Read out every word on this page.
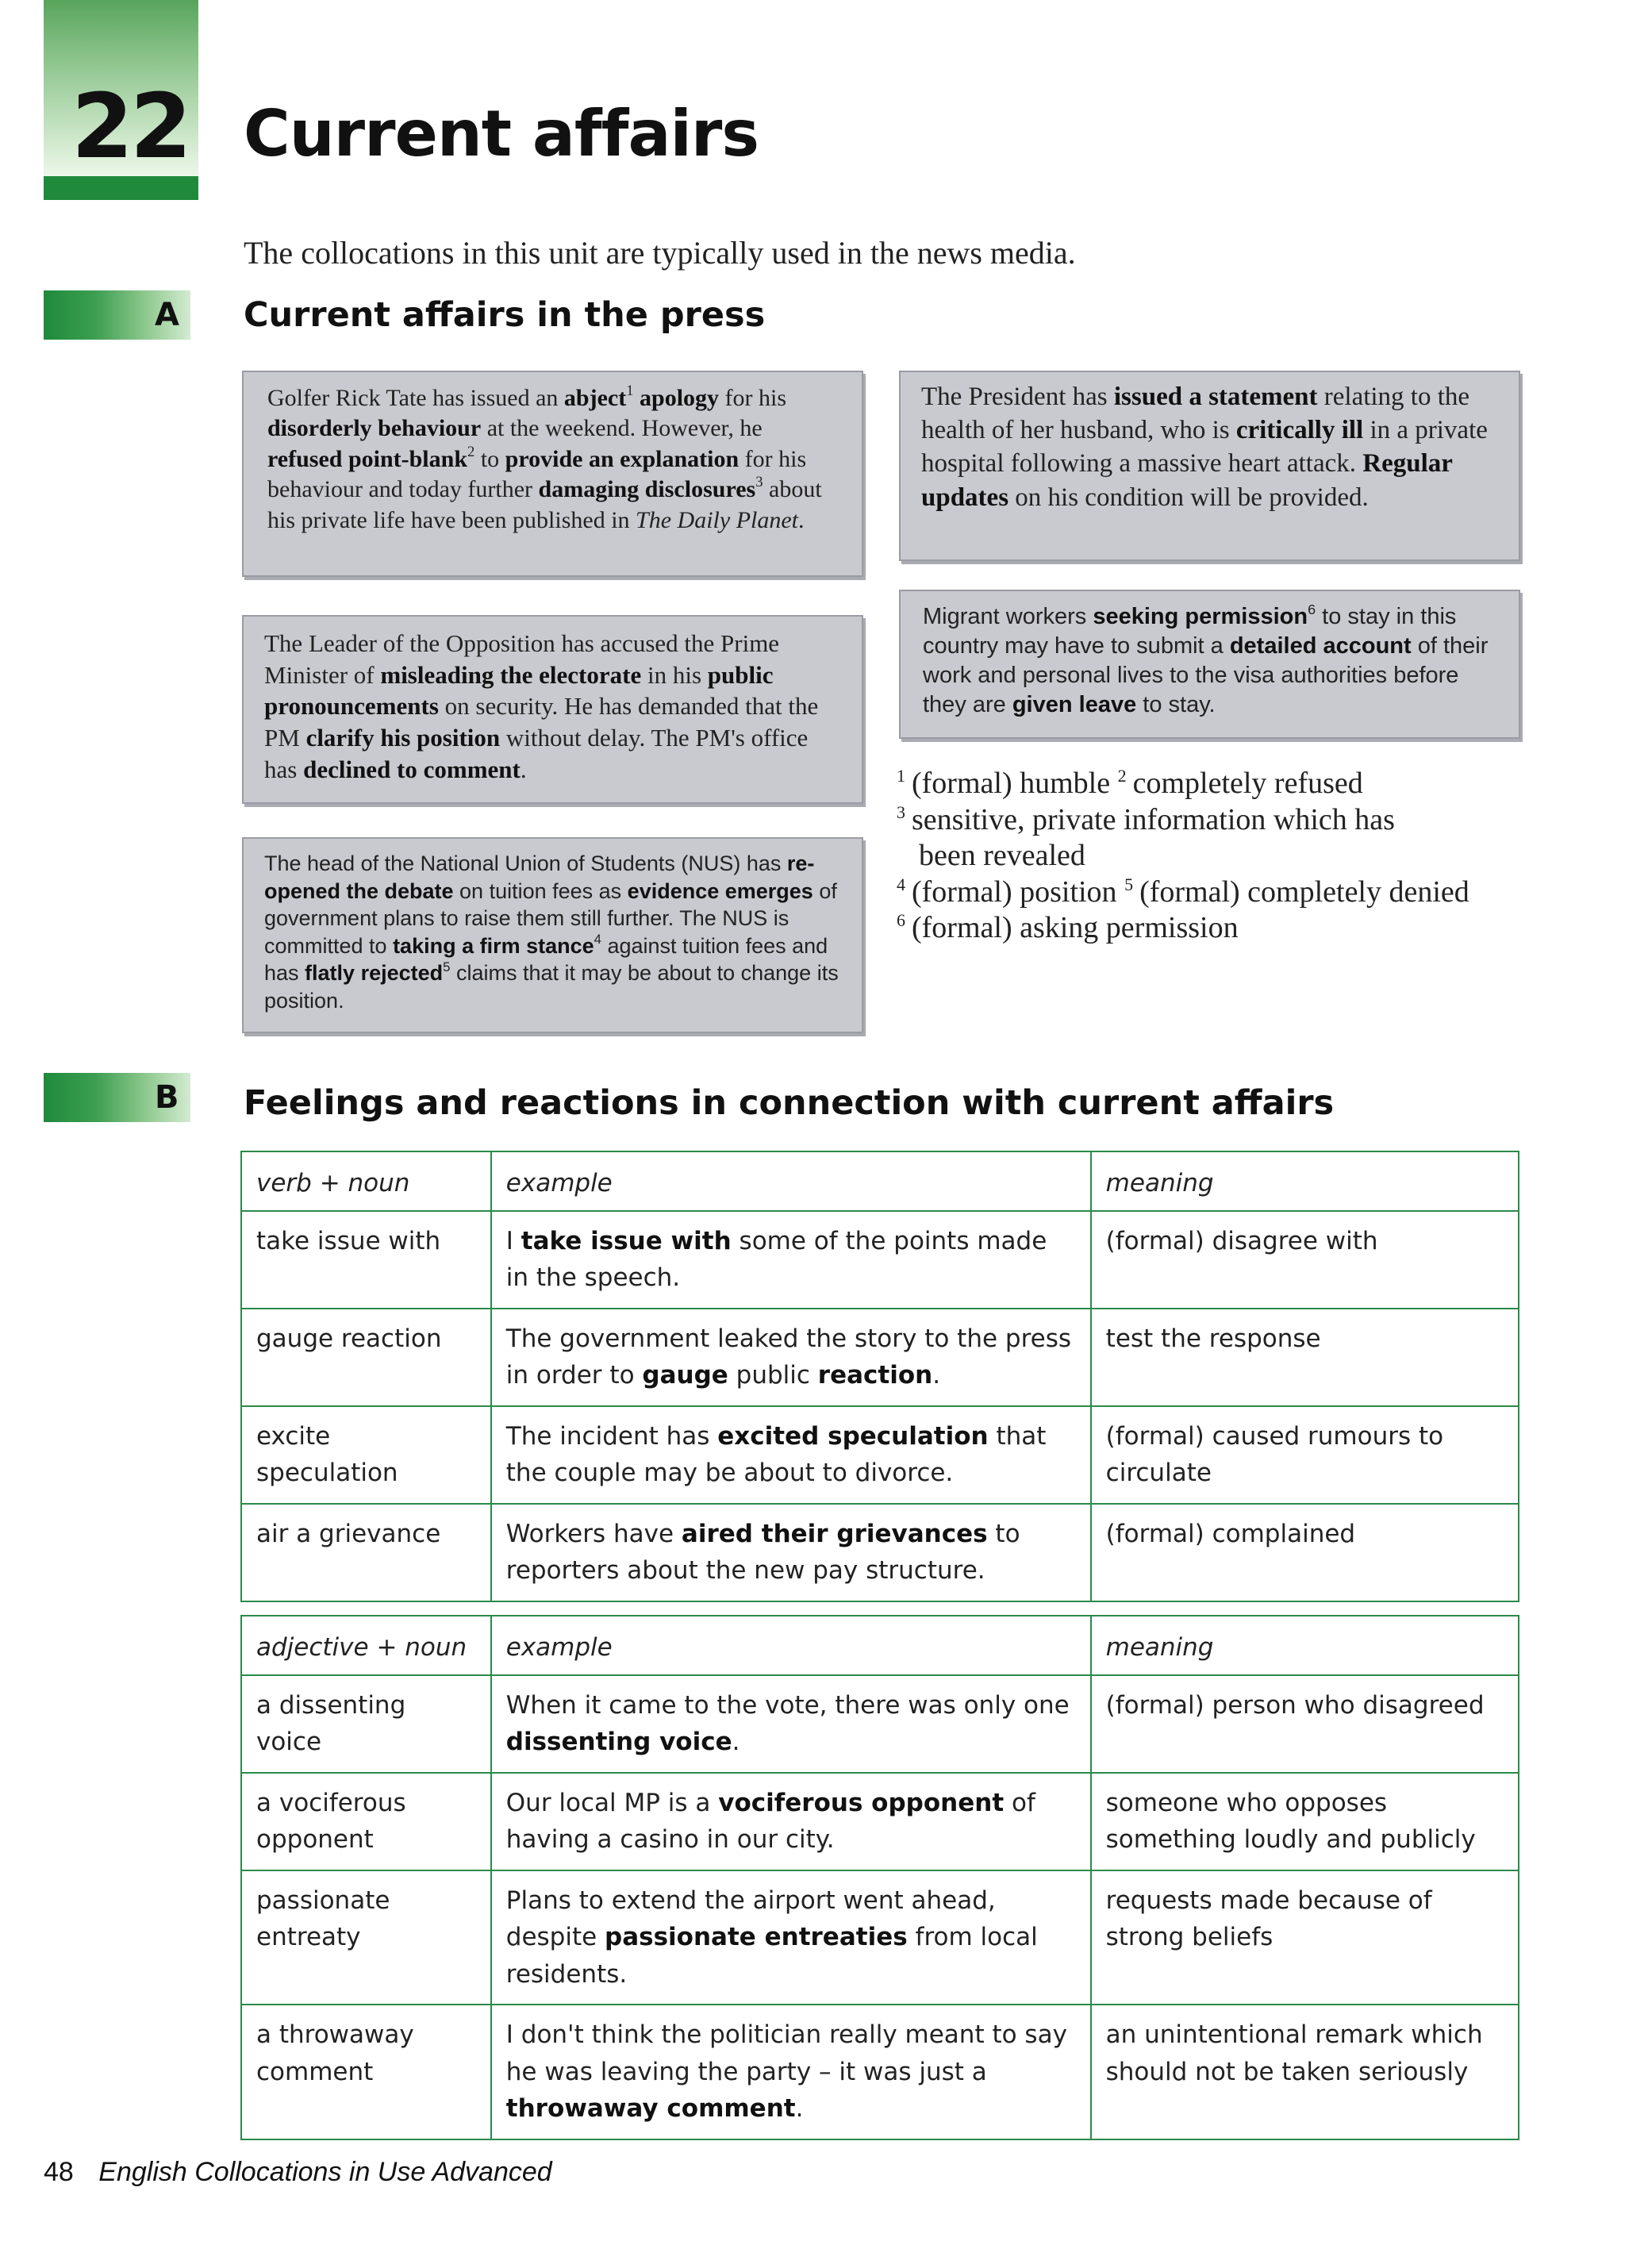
22 Current affairs
The collocations in this unit are typically used in the news media.
A Current affairs in the press
Golfer Rick Tate has issued an abject$^1$ apology for his disorderly behaviour at the weekend. However, he refused point-blank$^2$ to provide an explanation for his behaviour and today further damaging disclosures$^3$ about his private life have been published in The Daily Planet.
The President has issued a statement relating to the health of her husband, who is critically ill in a private hospital following a massive heart attack. Regular updates on his condition will be provided.
The Leader of the Opposition has accused the Prime Minister of misleading the electorate in his public pronouncements on security. He has demanded that the PM clarify his position without delay. The PM's office has declined to comment.
Migrant workers seeking permission$^6$ to stay in this country may have to submit a detailed account of their work and personal lives to the visa authorities before they are given leave to stay.
The head of the National Union of Students (NUS) has re-opened the debate on tuition fees as evidence emerges of government plans to raise them still further. The NUS is committed to taking a firm stance$^4$ against tuition fees and has flatly rejected$^5$ claims that it may be about to change its position.
$^1$ (formal) humble $^2$ completely refused
$^3$ sensitive, private information which has
been revealed
$^4$ (formal) position $^5$ (formal) completely denied
$^6$ (formal) asking permission
B Feelings and reactions in connection with current affairs
verb + noun	example	meaning
take issue with	I take issue with some of the points made in the speech.	(formal) disagree with
gauge reaction	The government leaked the story to the press in order to gauge public reaction.	test the response
excite speculation	The incident has excited speculation that the couple may be about to divorce.	(formal) caused rumours to circulate
air a grievance	Workers have aired their grievances to reporters about the new pay structure.	(formal) complained
adjective + noun	example	meaning
a dissenting voice	When it came to the vote, there was only one dissenting voice.	(formal) person who disagreed
a vociferous opponent	Our local MP is a vociferous opponent of having a casino in our city.	someone who opposes something loudly and publicly
passionate entreaty	Plans to extend the airport went ahead, despite passionate entreaties from local residents.	requests made because of strong beliefs
a throwaway comment	I don't think the politician really meant to say he was leaving the party – it was just a throwaway comment.	an unintentional remark which should not be taken seriously
48 English Collocations in Use Advanced
